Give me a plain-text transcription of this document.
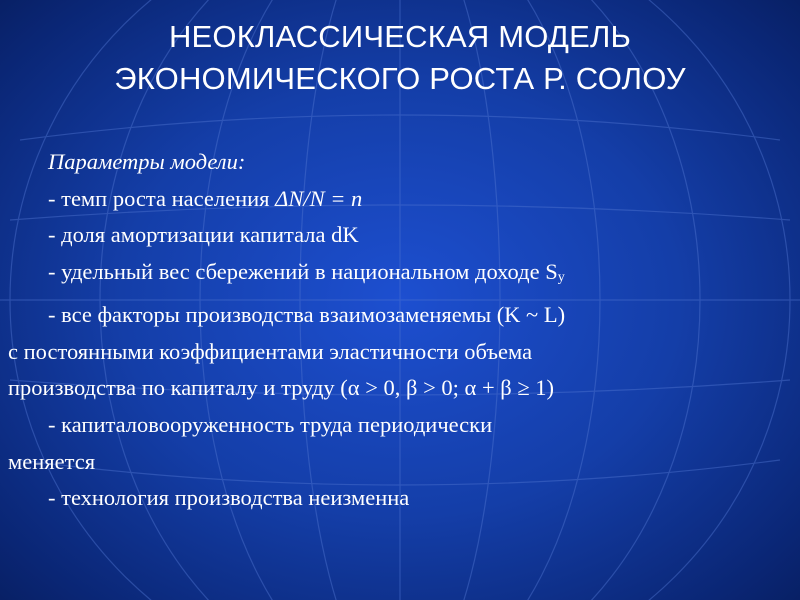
НЕОКЛАССИЧЕСКАЯ МОДЕЛЬ
ЭКОНОМИЧЕСКОГО РОСТА Р. СОЛОУ
Параметры модели:
- темп роста населения ΔN/N = n
- доля амортизации капитала dK
- удельный вес сбережений в национальном доходе $S_y$
- все факторы производства взаимозаменяемы (K ~ L)
с постоянными коэффициентами эластичности объема
производства по капиталу и труду (α > 0, β > 0; α + β ≥ 1)
- капиталовооруженность труда периодически
меняется
- технология производства неизменна
